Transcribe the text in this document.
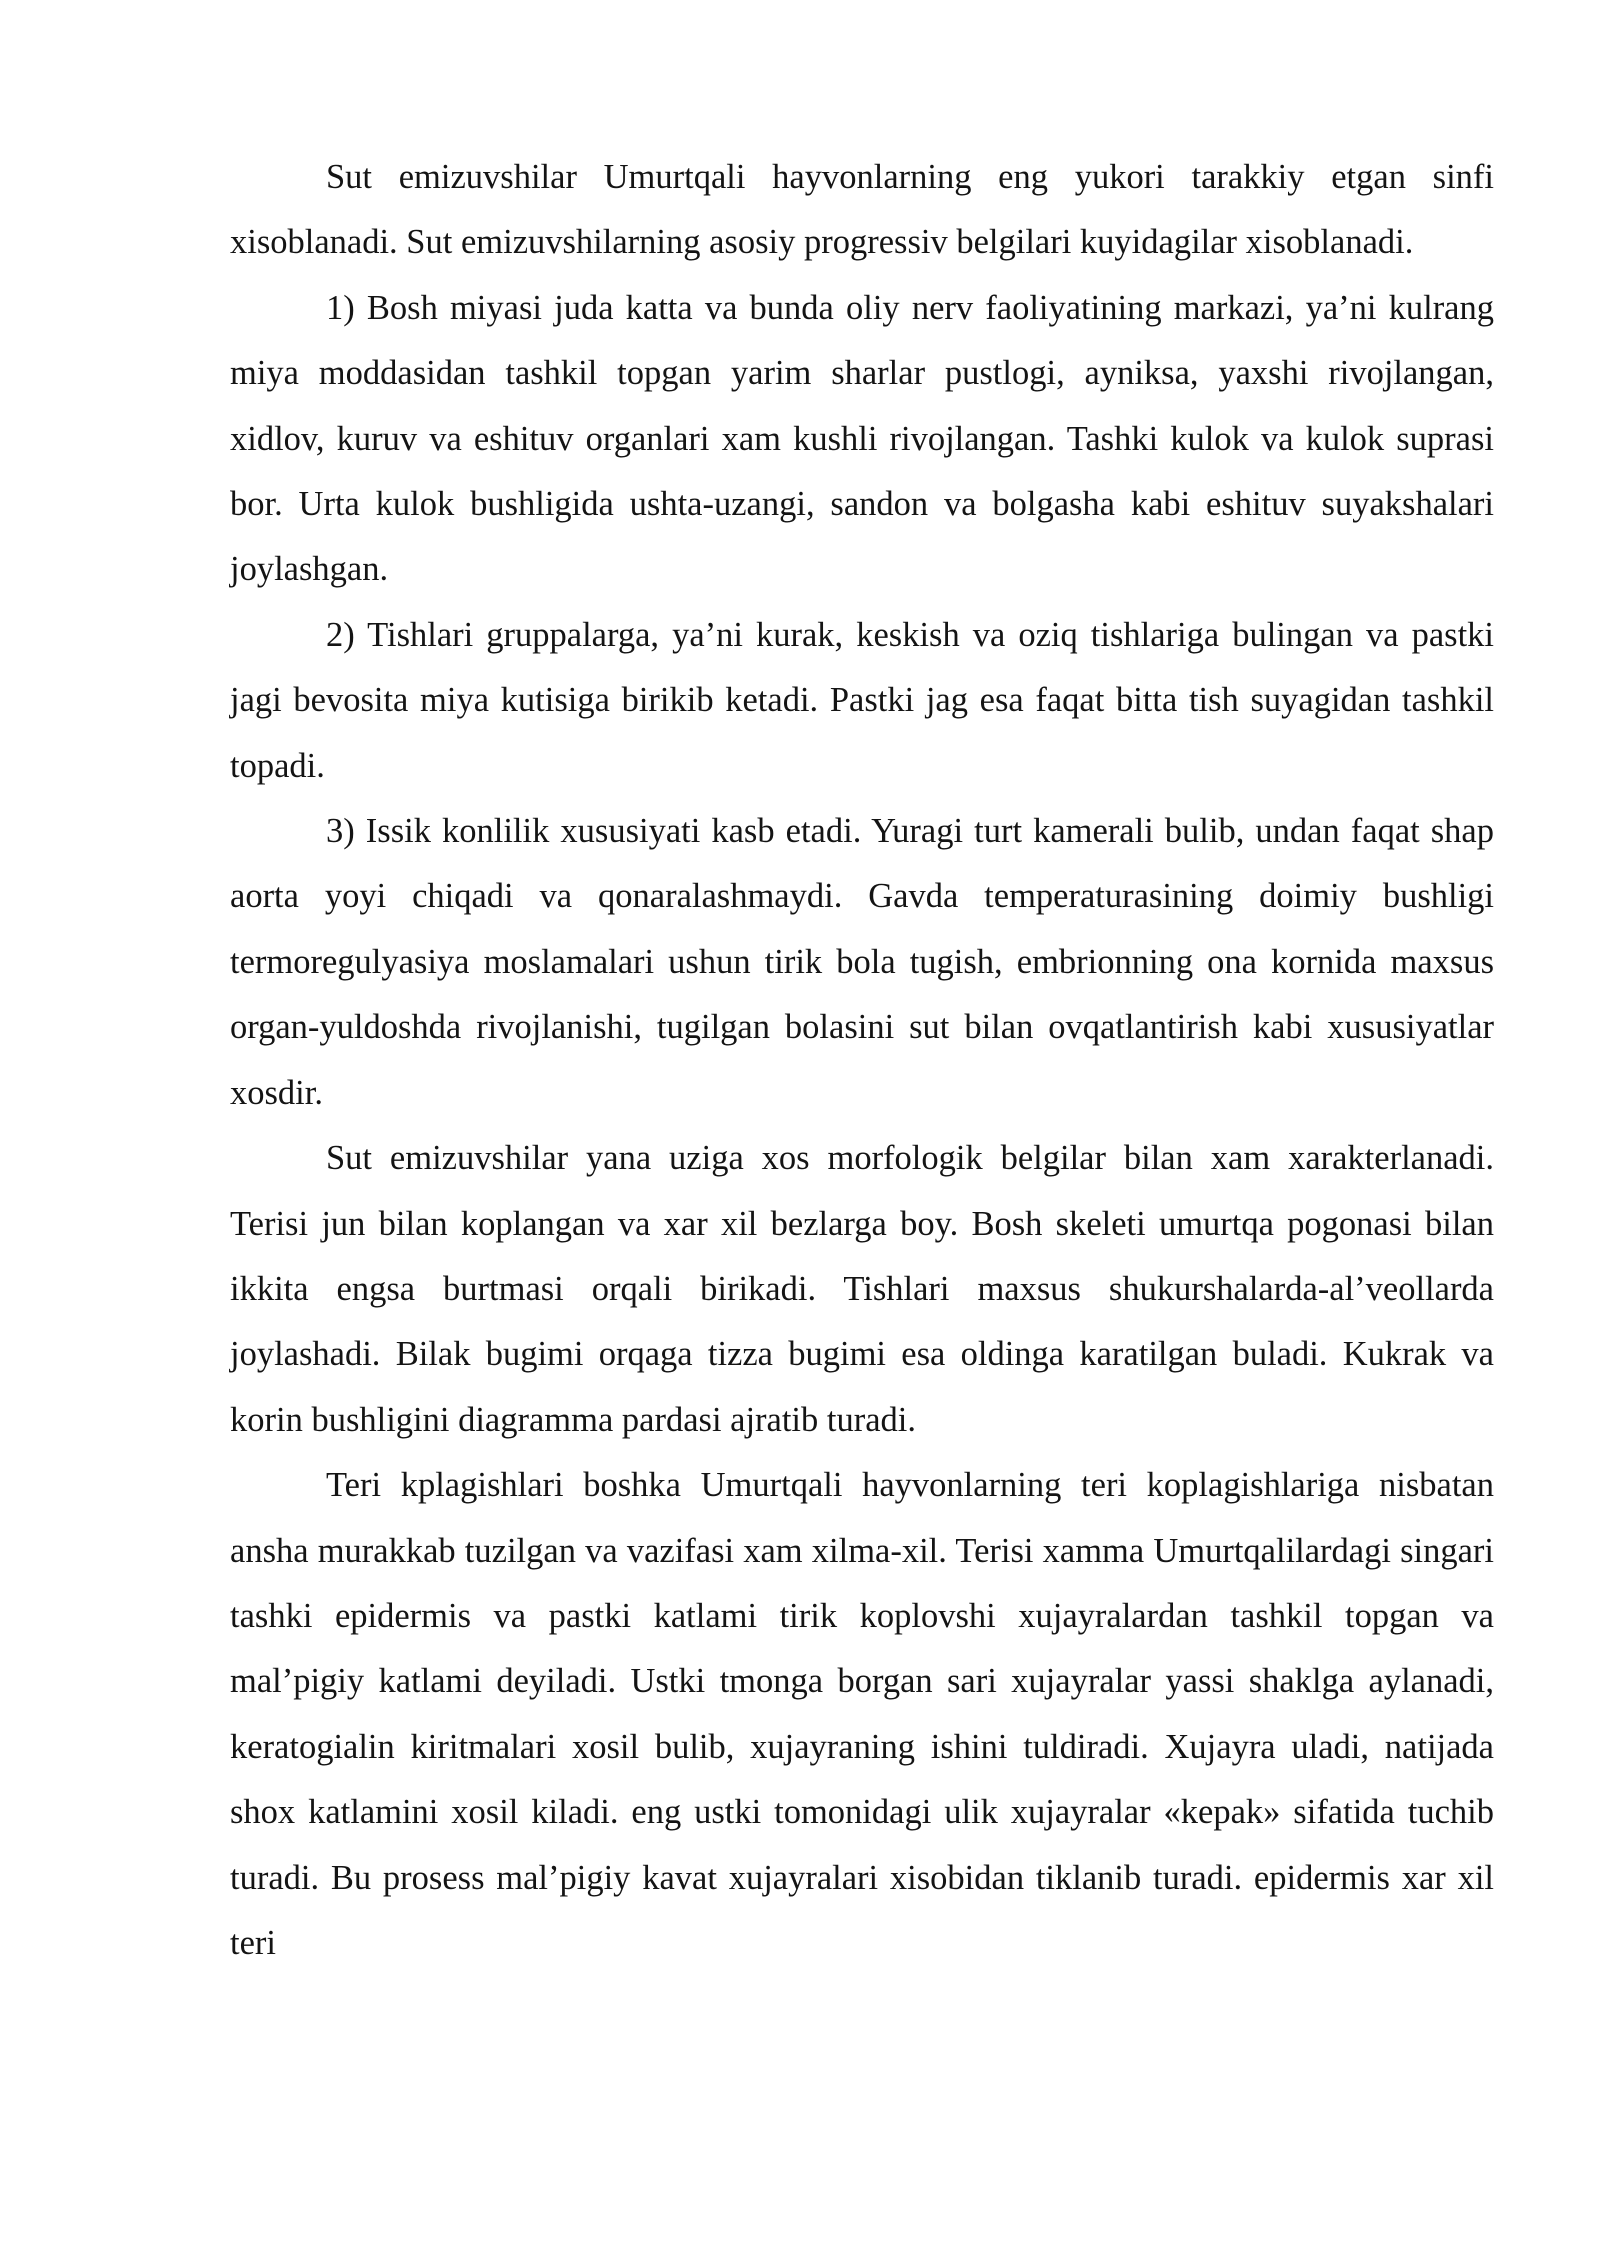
Sut emizuvshilar Umurtqali hayvonlarning eng yukori tarakkiy etgan sinfi xisoblanadi. Sut emizuvshilarning asosiy progressiv belgilari kuyidagilar xisoblanadi.

1) Bosh miyasi juda katta va bunda oliy nerv faoliyatining markazi, ya’ni kulrang miya moddasidan tashkil topgan yarim sharlar pustlogi, ayniksa, yaxshi rivojlangan, xidlov, kuruv va eshituv organlari xam kushli rivojlangan. Tashki kulok va kulok suprasi bor. Urta kulok bushligida ushta-uzangi, sandon va bolgasha kabi eshituv suyakshalari joylashgan.

2) Tishlari gruppalarga, ya’ni kurak, keskish va oziq tishlariga bulingan va pastki jagi bevosita miya kutisiga birikib ketadi. Pastki jag esa faqat bitta tish suyagidan tashkil topadi.

3) Issik konlilik xususiyati kasb etadi. Yuragi turt kamerali bulib, undan faqat shap aorta yoyi chiqadi va qonaralashmaydi. Gavda temperaturasining doimiy bushligi termoregulyasiya moslamalari ushun tirik bola tugish, embrionning ona kornida maxsus organ-yuldoshda rivojlanishi, tugilgan bolasini sut bilan ovqatlantirish kabi xususiyatlar xosdir.

Sut emizuvshilar yana uziga xos morfologik belgilar bilan xam xarakterlanadi. Terisi jun bilan koplangan va xar xil bezlarga boy. Bosh skeleti umurtqa pogonasi bilan ikkita engsa burtmasi orqali birikadi. Tishlari maxsus shukurshalarda-al’veollarda joylashadi. Bilak bugimi orqaga tizza bugimi esa oldinga karatilgan buladi. Kukrak va korin bushligini diagramma pardasi ajratib turadi.

Teri kplagishlari boshka Umurtqali hayvonlarning teri koplagishlariga nisbatan ansha murakkab tuzilgan va vazifasi xam xilma-xil. Terisi xamma Umurtqalilardagi singari tashki epidermis va pastki katlami tirik koplovshi xujayralardan tashkil topgan va mal’pigiy katlami deyiladi. Ustki tmonga borgan sari xujayralar yassi shaklga aylanadi, keratogialin kiritmalari xosil bulib, xujayraning ishini tuldiradi. Xujayra uladi, natijada shox katlamini xosil kiladi. eng ustki tomonidagi ulik xujayralar «kepak» sifatida tuchib turadi. Bu prosess mal’pigiy kavat xujayralari xisobidan tiklanib turadi. epidermis xar xil teri
